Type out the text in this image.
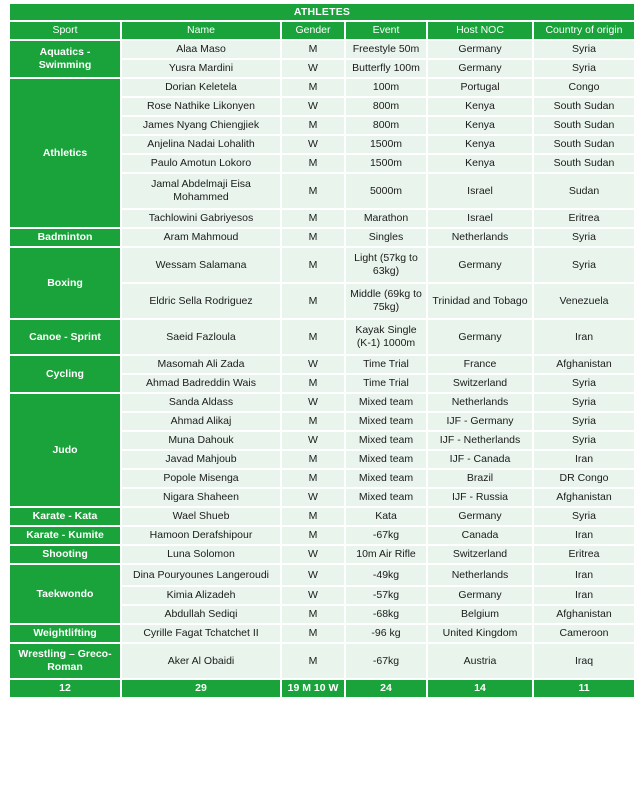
ATHLETES					
Sport	Name	Gender	Event	Host NOC	Country of origin
Aquatics - Swimming	Alaa Maso	M	Freestyle 50m	Germany	Syria
	Yusra Mardini	W	Butterfly 100m	Germany	Syria
Athletics	Dorian Keletela	M	100m	Portugal	Congo
	Rose Nathike Likonyen	W	800m	Kenya	South Sudan
	James Nyang Chiengjiek	M	800m	Kenya	South Sudan
	Anjelina Nadai Lohalith	W	1500m	Kenya	South Sudan
	Paulo Amotun Lokoro	M	1500m	Kenya	South Sudan
	Jamal Abdelmaji Eisa Mohammed	M	5000m	Israel	Sudan
	Tachlowini Gabriyesos	M	Marathon	Israel	Eritrea
Badminton	Aram Mahmoud	M	Singles	Netherlands	Syria
Boxing	Wessam Salamana	M	Light (57kg to 63kg)	Germany	Syria
	Eldric Sella Rodriguez	M	Middle (69kg to 75kg)	Trinidad and Tobago	Venezuela
Canoe - Sprint	Saeid Fazloula	M	Kayak Single (K-1) 1000m	Germany	Iran
Cycling	Masomah Ali Zada	W	Time Trial	France	Afghanistan
	Ahmad Badreddin Wais	M	Time Trial	Switzerland	Syria
Judo	Sanda Aldass	W	Mixed team	Netherlands	Syria
	Ahmad Alikaj	M	Mixed team	IJF - Germany	Syria
	Muna Dahouk	W	Mixed team	IJF - Netherlands	Syria
	Javad Mahjoub	M	Mixed team	IJF - Canada	Iran
	Popole Misenga	M	Mixed team	Brazil	DR Congo
	Nigara Shaheen	W	Mixed team	IJF - Russia	Afghanistan
Karate - Kata	Wael Shueb	M	Kata	Germany	Syria
Karate - Kumite	Hamoon Derafshipour	M	-67kg	Canada	Iran
Shooting	Luna Solomon	W	10m Air Rifle	Switzerland	Eritrea
Taekwondo	Dina Pouryounes Langeroudi	W	-49kg	Netherlands	Iran
	Kimia Alizadeh	W	-57kg	Germany	Iran
	Abdullah Sediqi	M	-68kg	Belgium	Afghanistan
Weightlifting	Cyrille Fagat Tchatchet II	M	-96 kg	United Kingdom	Cameroon
Wrestling – Greco-Roman	Aker Al Obaidi	M	-67kg	Austria	Iraq
12	29	19 M 10 W	24	14	11
